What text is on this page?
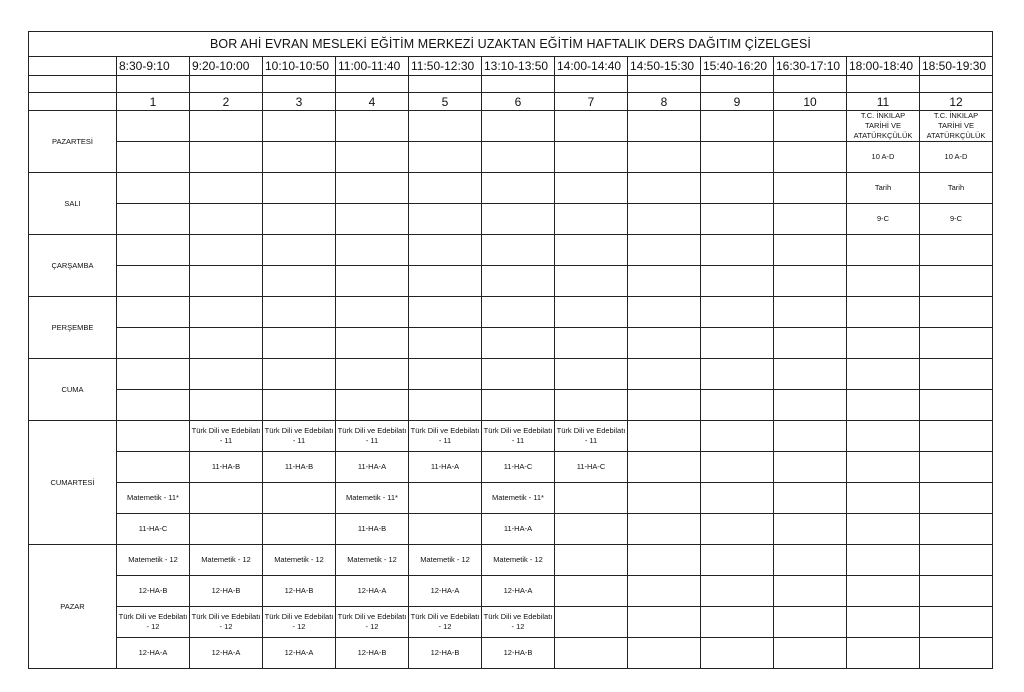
BOR AHİ EVRAN MESLEKİ EĞİTİM MERKEZİ UZAKTAN EĞİTİM HAFTALIK DERS DAĞITIM ÇİZELGESİ												
	8:30-9:10	9:20-10:00	10:10-10:50	11:00-11:40	11:50-12:30	13:10-13:50	14:00-14:40	14:50-15:30	15:40-16:20	16:30-17:10	18:00-18:40	18:50-19:30

	1	2	3	4	5	6	7	8	9	10	11	12
PAZARTESİ											T.C. İNKILAP TARİHİ VE ATATÜRKÇÜLÜK	T.C. İNKILAP TARİHİ VE ATATÜRKÇÜLÜK
											10 A-D	10 A-D
SALI											Tarih	Tarih
											9-C	9-C
ÇARŞAMBA												

PERŞEMBE												

CUMA												

CUMARTESİ		Türk Dili ve Edebilatı - 11	Türk Dili ve Edebilatı - 11	Türk Dili ve Edebilatı - 11	Türk Dili ve Edebilatı - 11	Türk Dili ve Edebilatı - 11	Türk Dili ve Edebilatı - 11					
		11-HA-B	11-HA-B	11-HA-A	11-HA-A	11-HA-C	11-HA-C					
	Matemetik - 11*			Matemetik - 11*		Matemetik - 11*						
	11-HA-C			11-HA-B		11-HA-A						
PAZAR	Matemetik - 12	Matemetik - 12	Matemetik - 12	Matemetik - 12	Matemetik - 12	Matemetik - 12						
	12-HA-B	12-HA-B	12-HA-B	12-HA-A	12-HA-A	12-HA-A						
	Türk Dili ve Edebilatı - 12	Türk Dili ve Edebilatı - 12	Türk Dili ve Edebilatı - 12	Türk Dili ve Edebilatı - 12	Türk Dili ve Edebilatı - 12	Türk Dili ve Edebilatı - 12						
	12-HA-A	12-HA-A	12-HA-A	12-HA-B	12-HA-B	12-HA-B						
